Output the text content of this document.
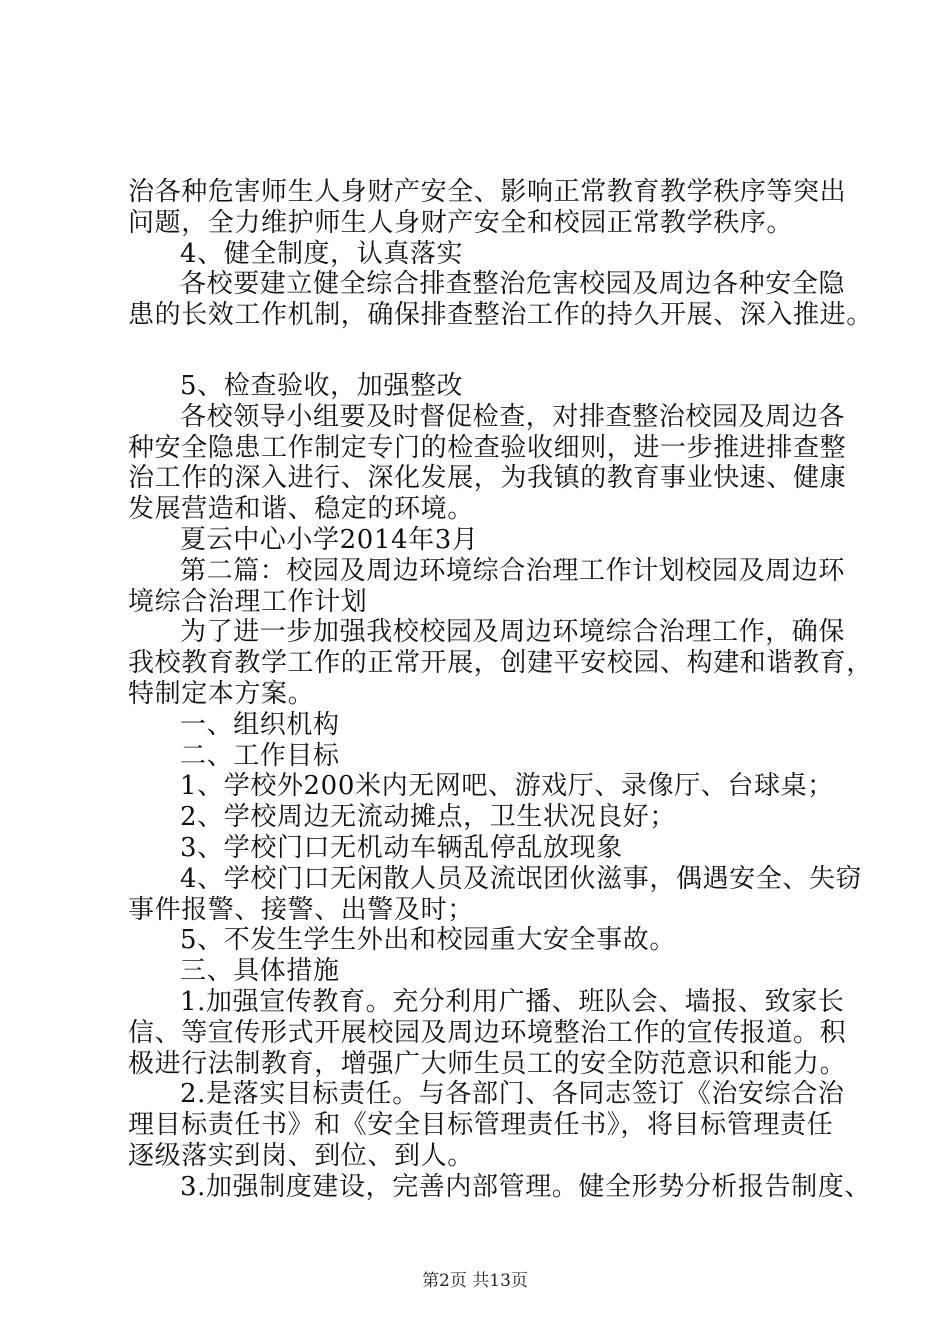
治各种危害师生人身财产安全、影响正常教育教学秩序等突出
问题，全力维护师生人身财产安全和校园正常教学秩序。
4、健全制度，认真落实
各校要建立健全综合排查整治危害校园及周边各种安全隐
患的长效工作机制，确保排查整治工作的持久开展、深入推进。
5、检查验收，加强整改
各校领导小组要及时督促检查，对排查整治校园及周边各
种安全隐患工作制定专门的检查验收细则，进一步推进排查整
治工作的深入进行、深化发展，为我镇的教育事业快速、健康
发展营造和谐、稳定的环境。
夏云中心小学2014年3月
第二篇：校园及周边环境综合治理工作计划校园及周边环
境综合治理工作计划
为了进一步加强我校校园及周边环境综合治理工作，确保
我校教育教学工作的正常开展，创建平安校园、构建和谐教育，
特制定本方案。
一、组织机构
二、工作目标
1、学校外200米内无网吧、游戏厅、录像厅、台球桌；
2、学校周边无流动摊点，卫生状况良好；
3、学校门口无机动车辆乱停乱放现象
4、学校门口无闲散人员及流氓团伙滋事，偶遇安全、失窃
事件报警、接警、出警及时；
5、不发生学生外出和校园重大安全事故。
三、具体措施
1.加强宣传教育。充分利用广播、班队会、墙报、致家长
信、等宣传形式开展校园及周边环境整治工作的宣传报道。积
极进行法制教育，增强广大师生员工的安全防范意识和能力。
2.是落实目标责任。与各部门、各同志签订《治安综合治
理目标责任书》和《安全目标管理责任书》，将目标管理责任
逐级落实到岗、到位、到人。
3.加强制度建设，完善内部管理。健全形势分析报告制度、
第2页 共13页
